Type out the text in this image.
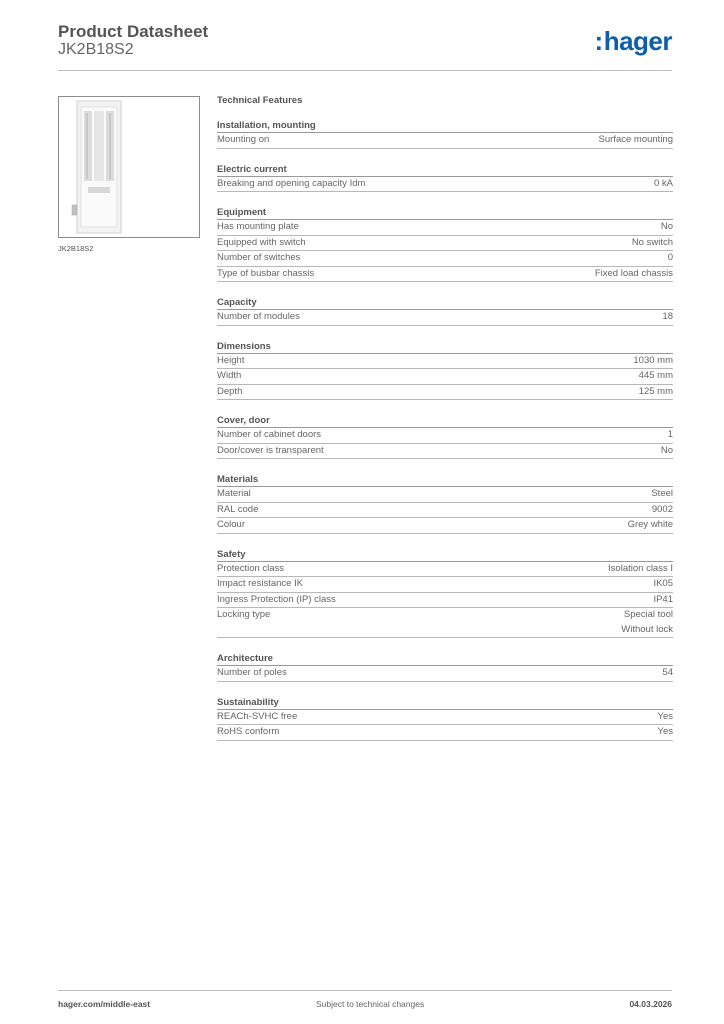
Product Datasheet
JK2B18S2	:hager
JK2B18S2
Technical Features
Installation, mounting
Mounting on	Surface mounting
Electric current
Breaking and opening capacity Idm	0 kA
Equipment
Has mounting plate	No
Equipped with switch	No switch
Number of switches	0
Type of busbar chassis	Fixed load chassis
Capacity
Number of modules	18
Dimensions
Height	1030 mm
Width	445 mm
Depth	125 mm
Cover, door
Number of cabinet doors	1
Door/cover is transparent	No
Materials
Material	Steel
RAL code	9002
Colour	Grey white
Safety
Protection class	Isolation class I
Impact resistance IK	IK05
Ingress Protection (IP) class	IP41
Locking type	Special tool
Without lock
Architecture
Number of poles	54
Sustainability
REACh-SVHC free	Yes
RoHS conform	Yes
hager.com/middle-east	Subject to technical changes	04.03.2026
